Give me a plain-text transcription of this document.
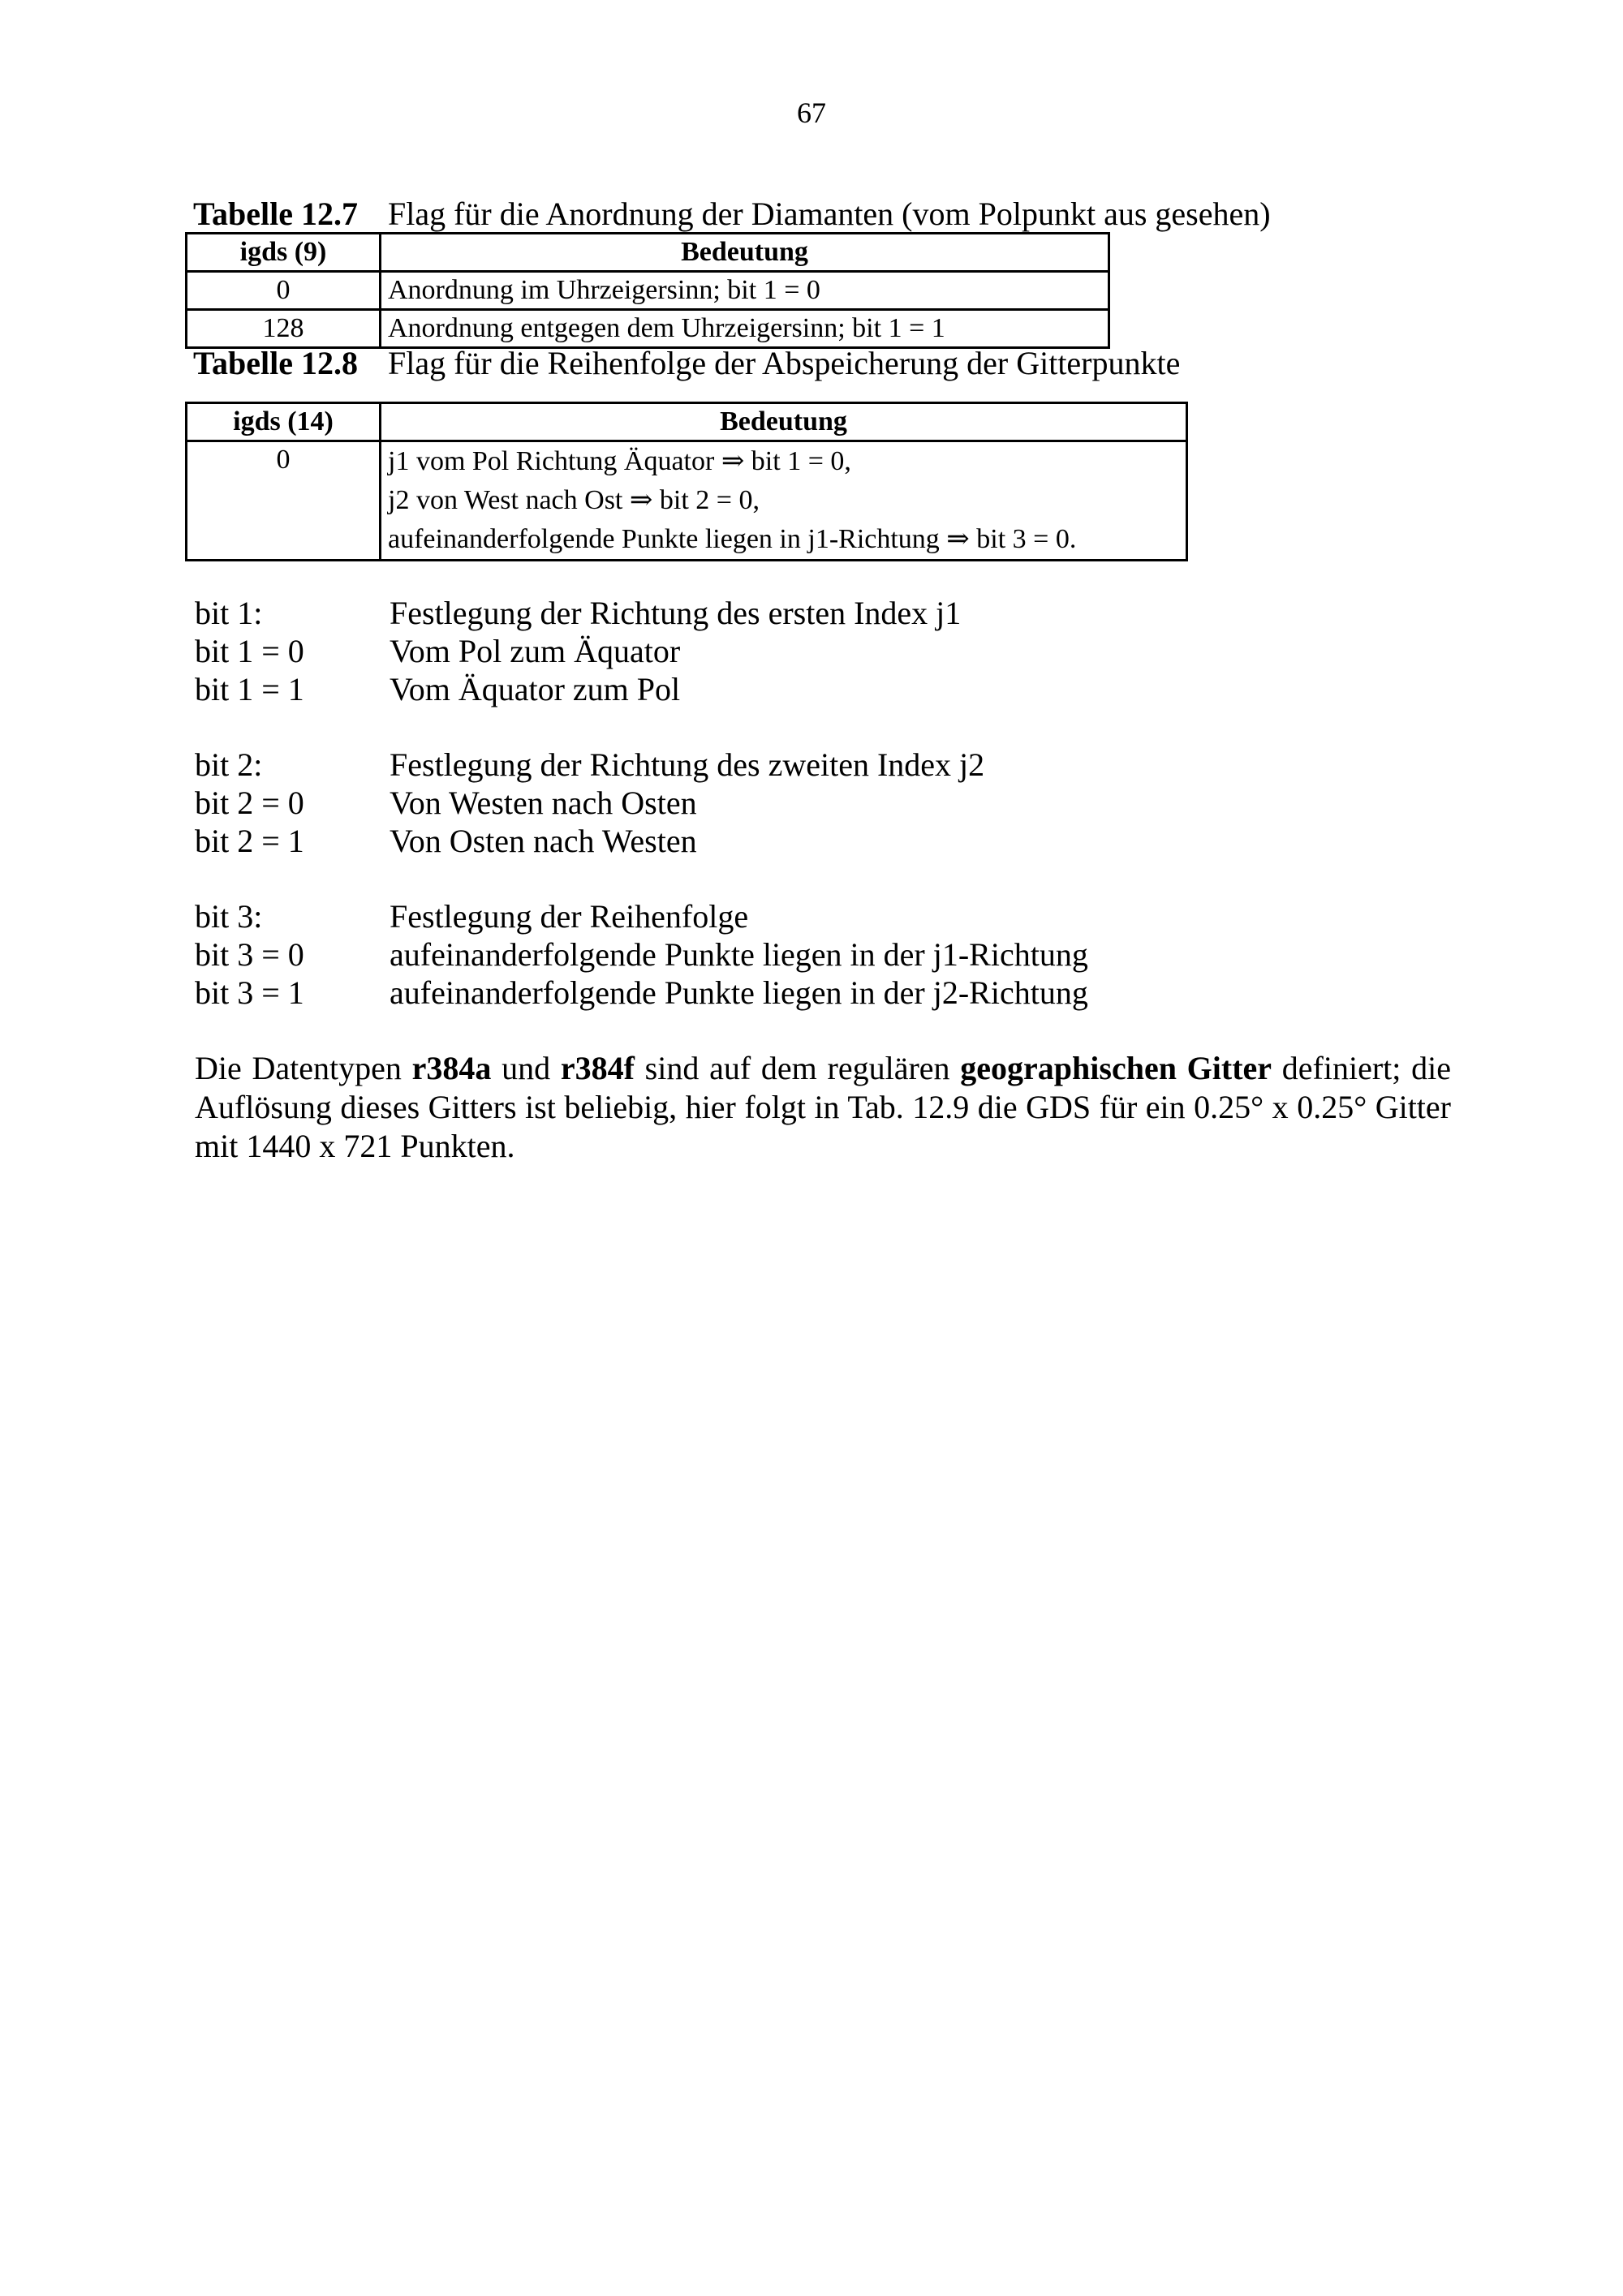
67
Tabelle 12.7 Flag für die Anordnung der Diamanten (vom Polpunkt aus gesehen)
igds (9)	Bedeutung
0	Anordnung im Uhrzeigersinn; bit 1 = 0
128	Anordnung entgegen dem Uhrzeigersinn; bit 1 = 1
Tabelle 12.8 Flag für die Reihenfolge der Abspeicherung der Gitterpunkte
igds (14)	Bedeutung
0	j1 vom Pol Richtung Äquator ⇒ bit 1 = 0,
j2 von West nach Ost ⇒ bit 2 = 0,
aufeinanderfolgende Punkte liegen in j1-Richtung ⇒ bit 3 = 0.
bit 1:	Festlegung der Richtung des ersten Index j1
bit 1 = 0	Vom Pol zum Äquator
bit 1 = 1	Vom Äquator zum Pol
bit 2:	Festlegung der Richtung des zweiten Index j2
bit 2 = 0	Von Westen nach Osten
bit 2 = 1	Von Osten nach Westen
bit 3:	Festlegung der Reihenfolge
bit 3 = 0	aufeinanderfolgende Punkte liegen in der j1-Richtung
bit 3 = 1	aufeinanderfolgende Punkte liegen in der j2-Richtung
Die Datentypen r384a und r384f sind auf dem regulären geographischen Gitter definiert; die Auflösung dieses Gitters ist beliebig, hier folgt in Tab. 12.9 die GDS für ein 0.25° x 0.25° Gitter mit 1440 x 721 Punkten.
